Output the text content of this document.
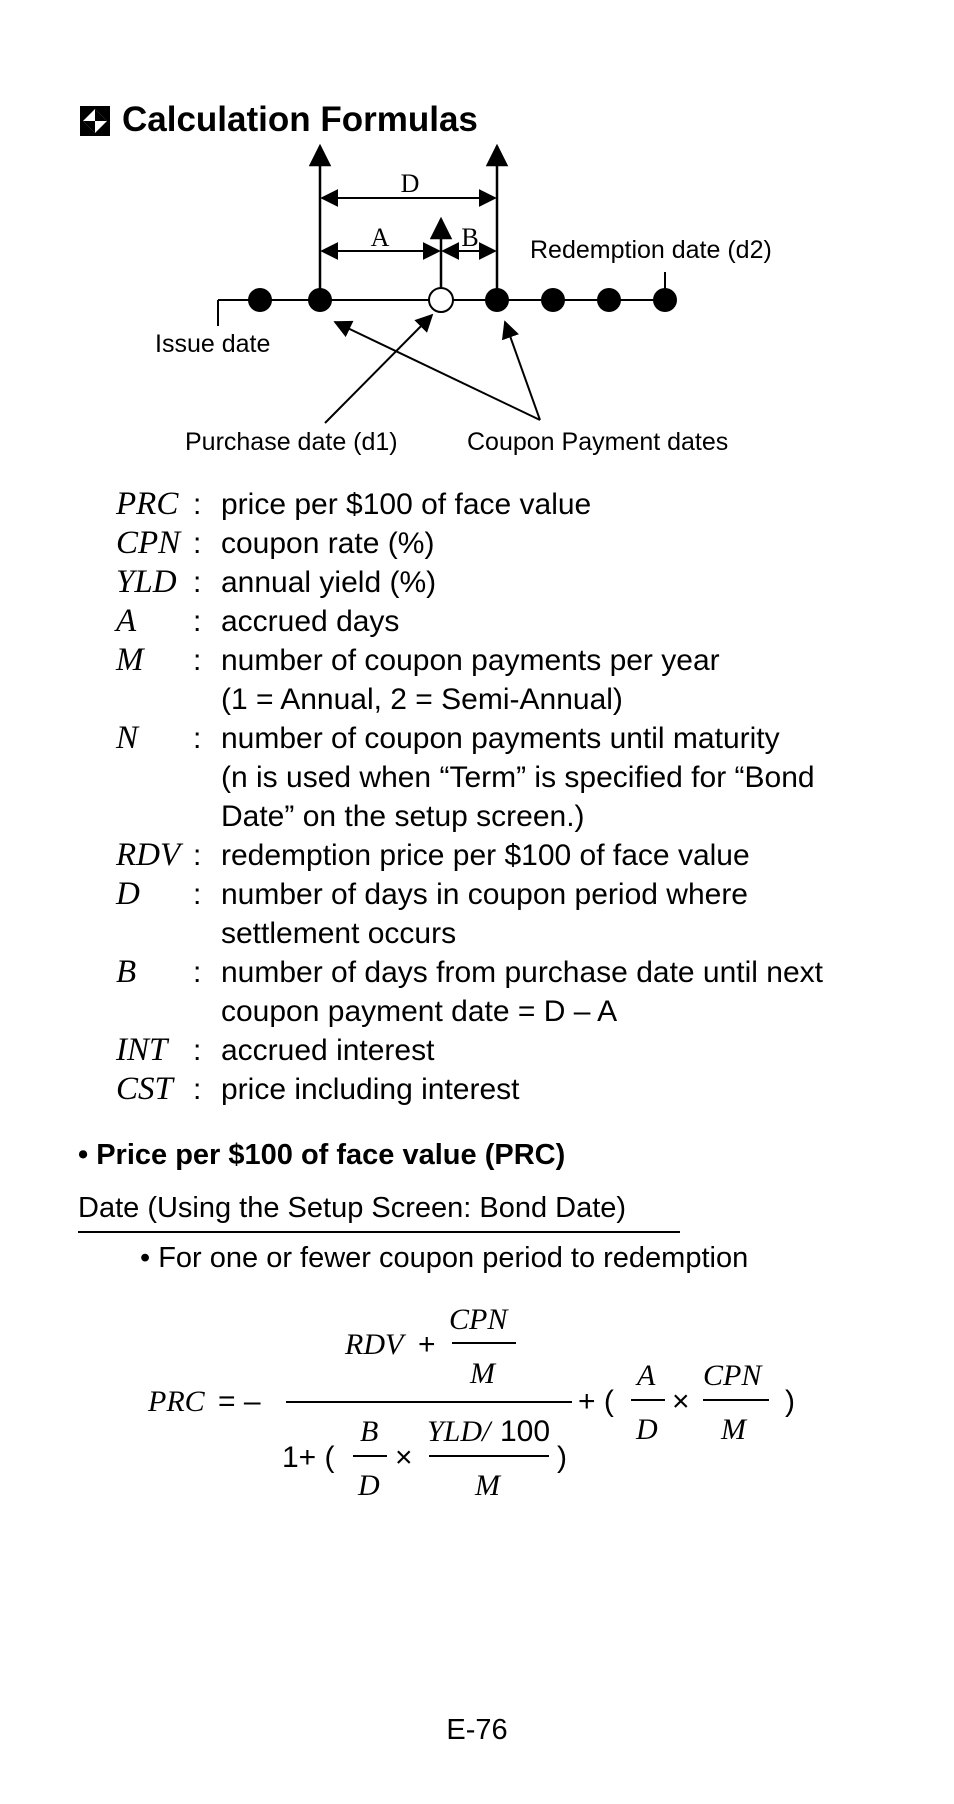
Calculation Formulas
D
A	B Redemption date (d2)
Issue date
Purchase date (d1)	Coupon Payment dates
PRC : price per $100 of face value
CPN : coupon rate (%)
YLD : annual yield (%)
A	: accrued days
M	: number of coupon payments per year
(1 = Annual, 2 = Semi-Annual)
N	: number of coupon payments until maturity
(n is used when “Term” is specified for “Bond
Date” on the setup screen.)
RDV : redemption price per $100 of face value
D	: number of days in coupon period where
settlement occurs
B	: number of days from purchase date until next
coupon payment date = D – A
INT : accrued interest
CST : price including interest
• Price per $100 of face value (PRC)
Date (Using the Setup Screen: Bond Date)
• For one or fewer coupon period to redemption
PRC = –
RDV +
CPN
M
1+ (
B
D
×
YLD/ 100
M
)
+ (
A
D
×
CPN
M
)
E-76
